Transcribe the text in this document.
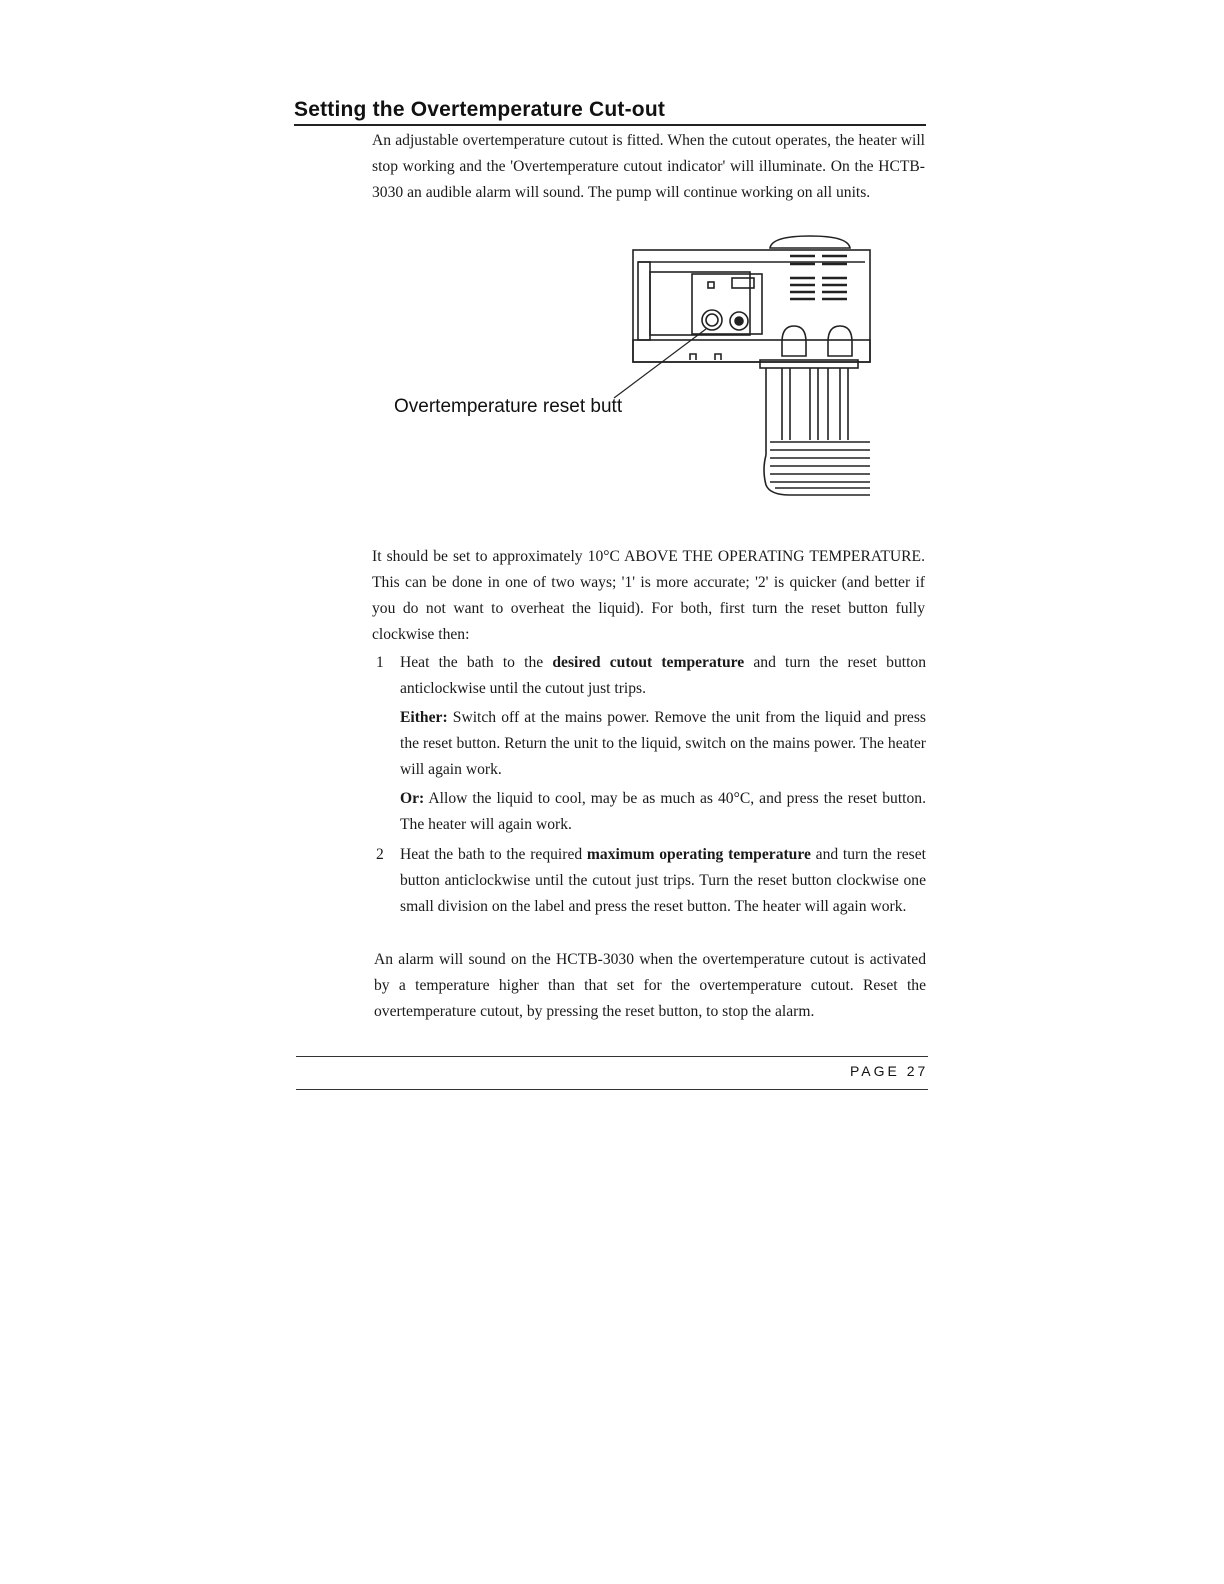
Setting the Overtemperature Cut-out

An adjustable overtemperature cutout is fitted. When the cutout operates, the heater will stop working and the 'Overtemperature cutout indicator' will illuminate. On the HCTB-3030 an audible alarm will sound. The pump will continue working on all units.

Overtemperature reset butt

It should be set to approximately 10°C ABOVE THE OPERATING TEMPERATURE. This can be done in one of two ways; '1' is more accurate; '2' is quicker (and better if you do not want to overheat the liquid). For both, first turn the reset button fully clockwise then:

1 Heat the bath to the desired cutout temperature and turn the reset button anticlockwise until the cutout just trips.

Either: Switch off at the mains power. Remove the unit from the liquid and press the reset button. Return the unit to the liquid, switch on the mains power. The heater will again work.

Or: Allow the liquid to cool, may be as much as 40°C, and press the reset button. The heater will again work.

2 Heat the bath to the required maximum operating temperature and turn the reset button anticlockwise until the cutout just trips. Turn the reset button clockwise one small division on the label and press the reset button. The heater will again work.

An alarm will sound on the HCTB-3030 when the overtemperature cutout is activated by a temperature higher than that set for the overtemperature cutout. Reset the overtemperature cutout, by pressing the reset button, to stop the alarm.

PAGE 27
